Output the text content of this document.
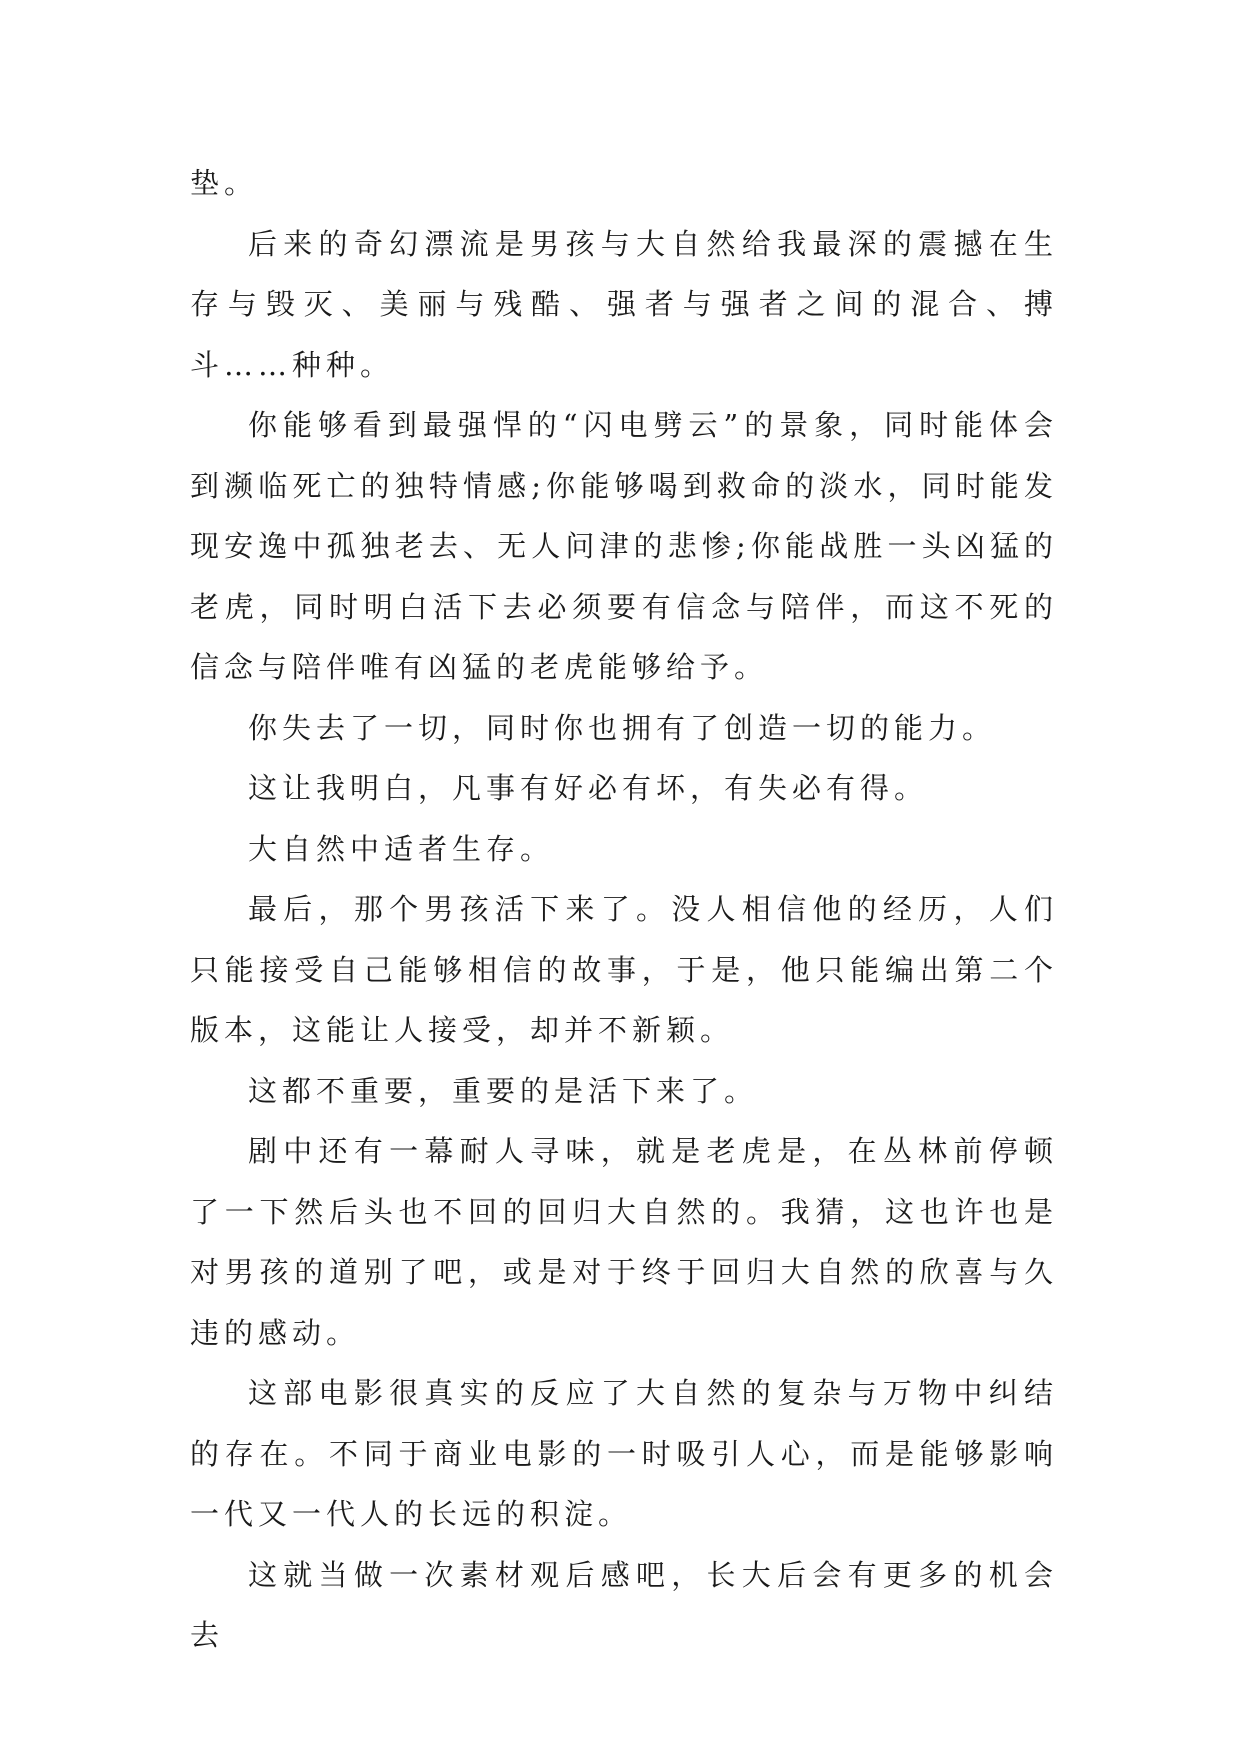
垫。

后来的奇幻漂流是男孩与大自然给我最深的震撼在生存与毁灭、美丽与残酷、强者与强者之间的混合、搏斗……种种。

你能够看到最强悍的“闪电劈云”的景象，同时能体会到濒临死亡的独特情感;你能够喝到救命的淡水，同时能发现安逸中孤独老去、无人问津的悲惨;你能战胜一头凶猛的老虎，同时明白活下去必须要有信念与陪伴，而这不死的信念与陪伴唯有凶猛的老虎能够给予。

你失去了一切，同时你也拥有了创造一切的能力。

这让我明白，凡事有好必有坏，有失必有得。

大自然中适者生存。

最后，那个男孩活下来了。没人相信他的经历，人们只能接受自己能够相信的故事，于是，他只能编出第二个版本，这能让人接受，却并不新颖。

这都不重要，重要的是活下来了。

剧中还有一幕耐人寻味，就是老虎是，在丛林前停顿了一下然后头也不回的回归大自然的。我猜，这也许也是对男孩的道别了吧，或是对于终于回归大自然的欣喜与久违的感动。

这部电影很真实的反应了大自然的复杂与万物中纠结的存在。不同于商业电影的一时吸引人心，而是能够影响一代又一代人的长远的积淀。

这就当做一次素材观后感吧，长大后会有更多的机会去
